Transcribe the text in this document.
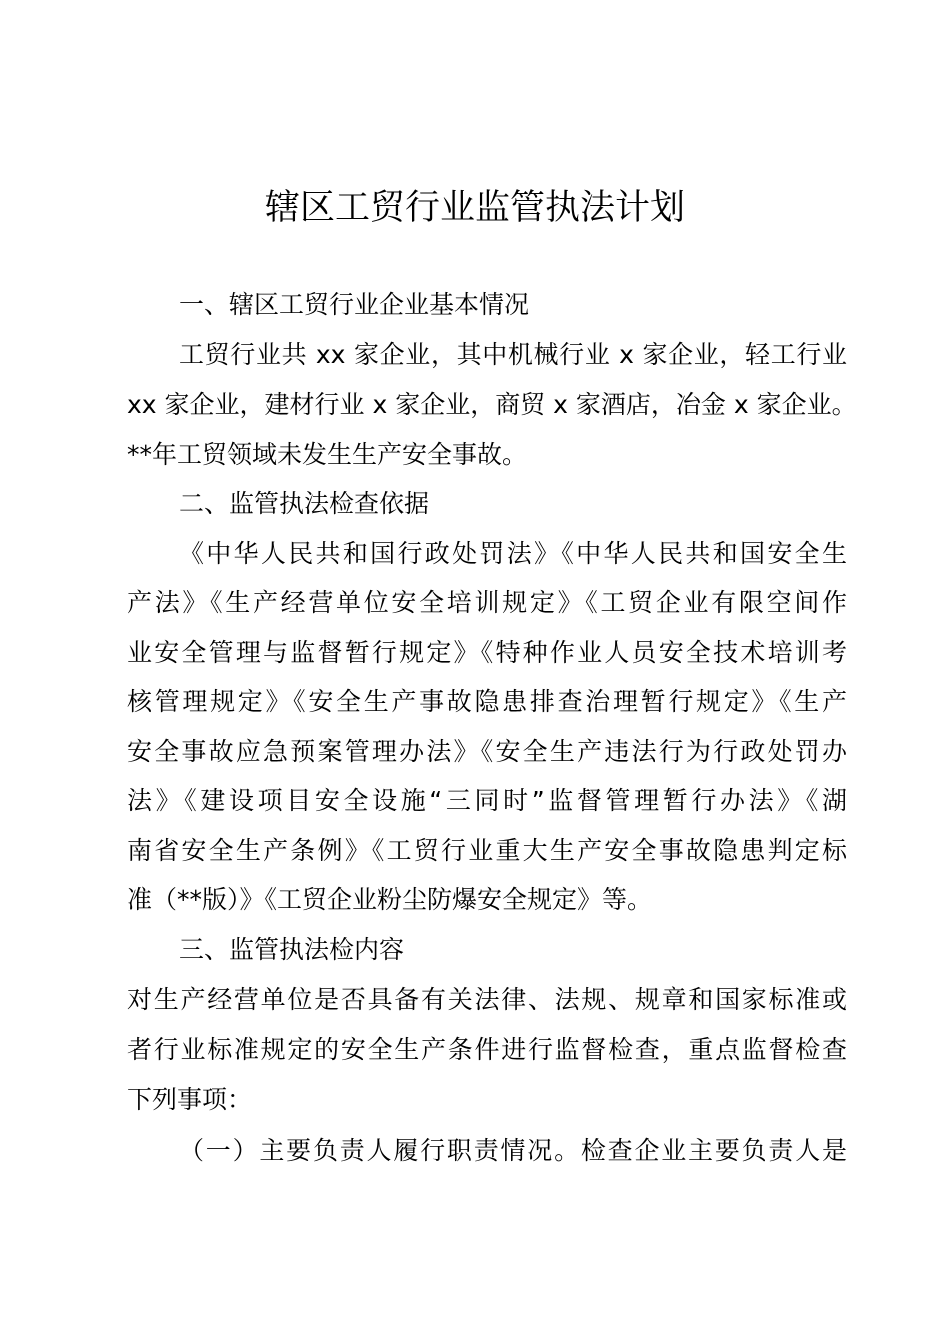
辖区工贸行业监管执法计划
一、辖区工贸行业企业基本情况
工贸行业共 xx 家企业，其中机械行业 x 家企业，轻工行业
xx 家企业，建材行业 x 家企业，商贸 x 家酒店，冶金 x 家企业。
**年工贸领域未发生生产安全事故。
二、监管执法检查依据
《中华人民共和国行政处罚法》《中华人民共和国安全生
产法》《生产经营单位安全培训规定》《工贸企业有限空间作
业安全管理与监督暂行规定》《特种作业人员安全技术培训考
核管理规定》《安全生产事故隐患排查治理暂行规定》《生产
安全事故应急预案管理办法》《安全生产违法行为行政处罚办
法》《建设项目安全设施“三同时”监督管理暂行办法》《湖
南省安全生产条例》《工贸行业重大生产安全事故隐患判定标
准（**版）》《工贸企业粉尘防爆安全规定》等。
三、监管执法检内容
对生产经营单位是否具备有关法律、法规、规章和国家标准或
者行业标准规定的安全生产条件进行监督检查，重点监督检查
下列事项：
（一）主要负责人履行职责情况。检查企业主要负责人是
